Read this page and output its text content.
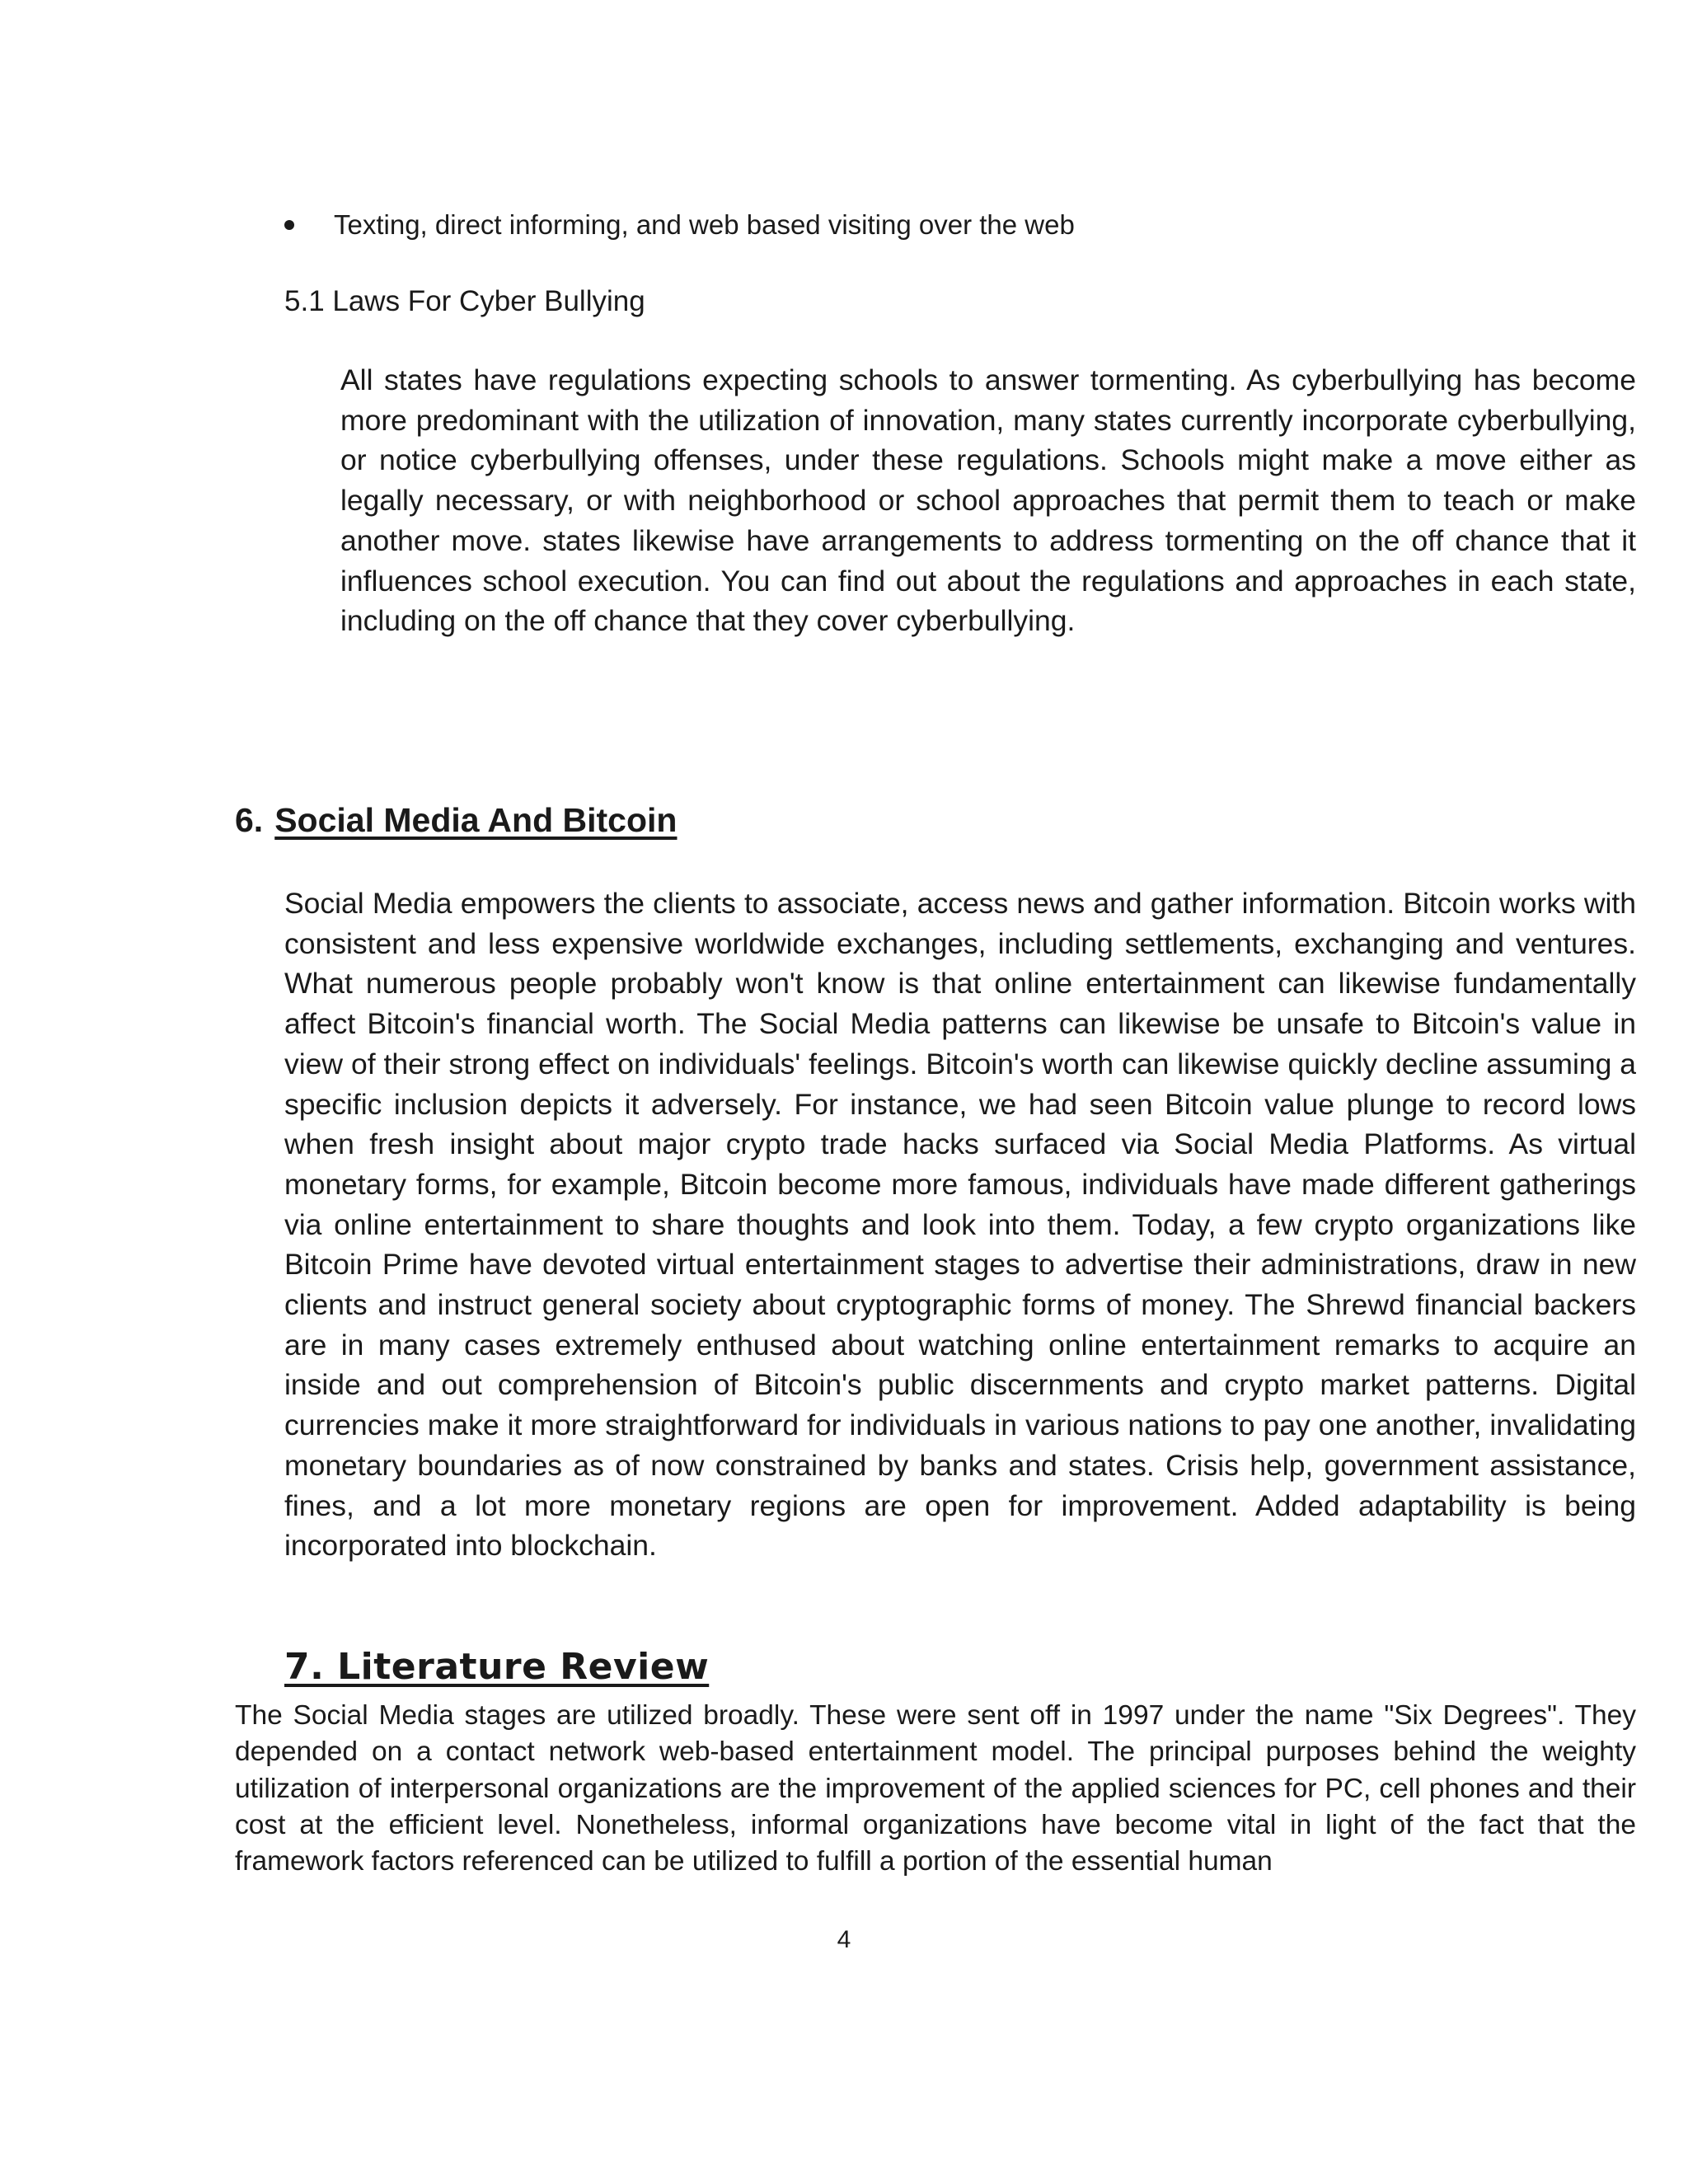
Texting, direct informing, and web based visiting over the web
5.1 Laws For Cyber Bullying
All states have regulations expecting schools to answer tormenting. As cyberbullying has become more predominant with the utilization of innovation, many states currently incorporate cyberbullying, or notice cyberbullying offenses, under these regulations. Schools might make a move either as legally necessary, or with neighborhood or school approaches that permit them to teach or make another move. states likewise have arrangements to address tormenting on the off chance that it influences school execution. You can find out about the regulations and approaches in each state, including on the off chance that they cover cyberbullying.
6. Social Media And Bitcoin
Social Media empowers the clients to associate, access news and gather information. Bitcoin works with consistent and less expensive worldwide exchanges, including settlements, exchanging and ventures. What numerous people probably won't know is that online entertainment can likewise fundamentally affect Bitcoin's financial worth. The Social Media patterns can likewise be unsafe to Bitcoin's value in view of their strong effect on individuals' feelings. Bitcoin's worth can likewise quickly decline assuming a specific inclusion depicts it adversely. For instance, we had seen Bitcoin value plunge to record lows when fresh insight about major crypto trade hacks surfaced via Social Media Platforms. As virtual monetary forms, for example, Bitcoin become more famous, individuals have made different gatherings via online entertainment to share thoughts and look into them. Today, a few crypto organizations like Bitcoin Prime have devoted virtual entertainment stages to advertise their administrations, draw in new clients and instruct general society about cryptographic forms of money. The Shrewd financial backers are in many cases extremely enthused about watching online entertainment remarks to acquire an inside and out comprehension of Bitcoin's public discernments and crypto market patterns. Digital currencies make it more straightforward for individuals in various nations to pay one another, invalidating monetary boundaries as of now constrained by banks and states. Crisis help, government assistance, fines, and a lot more monetary regions are open for improvement. Added adaptability is being incorporated into blockchain.
7. Literature Review
The Social Media stages are utilized broadly. These were sent off in 1997 under the name "Six Degrees". They depended on a contact network web-based entertainment model. The principal purposes behind the weighty utilization of interpersonal organizations are the improvement of the applied sciences for PC, cell phones and their cost at the efficient level. Nonetheless, informal organizations have become vital in light of the fact that the framework factors referenced can be utilized to fulfill a portion of the essential human
4
